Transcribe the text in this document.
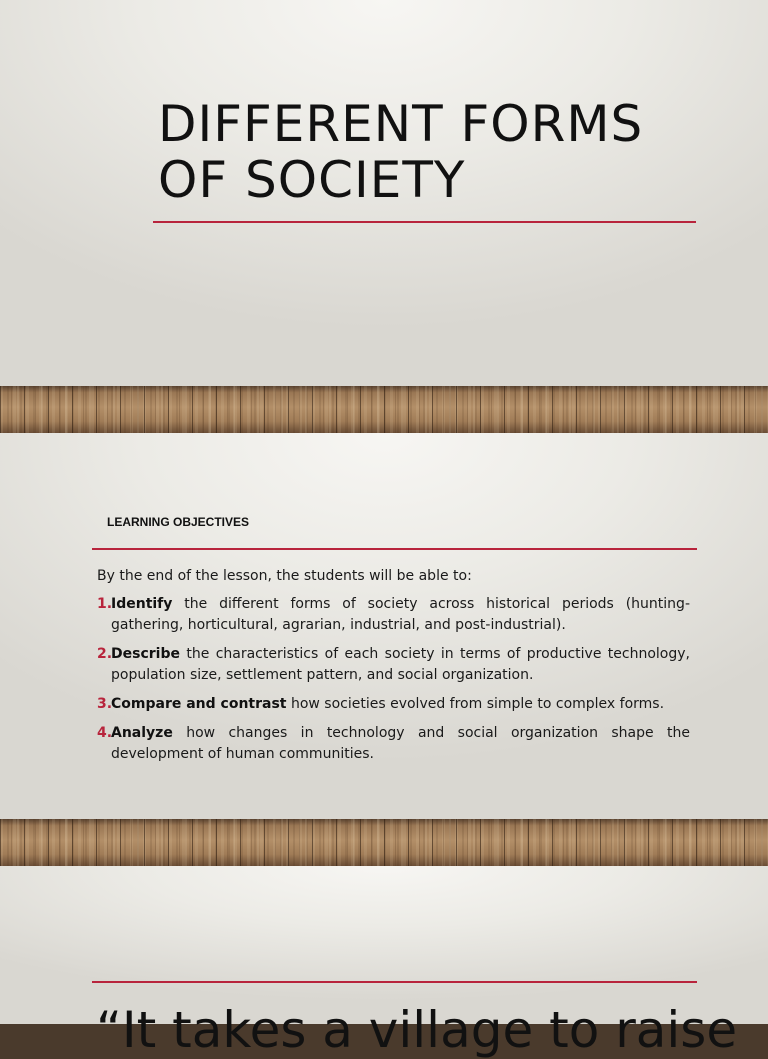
DIFFERENT FORMS
OF SOCIETY
LEARNING OBJECTIVES

By the end of the lesson, the students will be able to:

1.
Identify the different forms of society across historical periods (hunting-gathering, horticultural, agrarian, industrial, and post-industrial).
2.
Describe the characteristics of each society in terms of productive technology, population size, settlement pattern, and social organization.
3.
Compare and contrast how societies evolved from simple to complex forms.
4.
Analyze how changes in technology and social organization shape the development of human communities.

“It takes a village to raise
